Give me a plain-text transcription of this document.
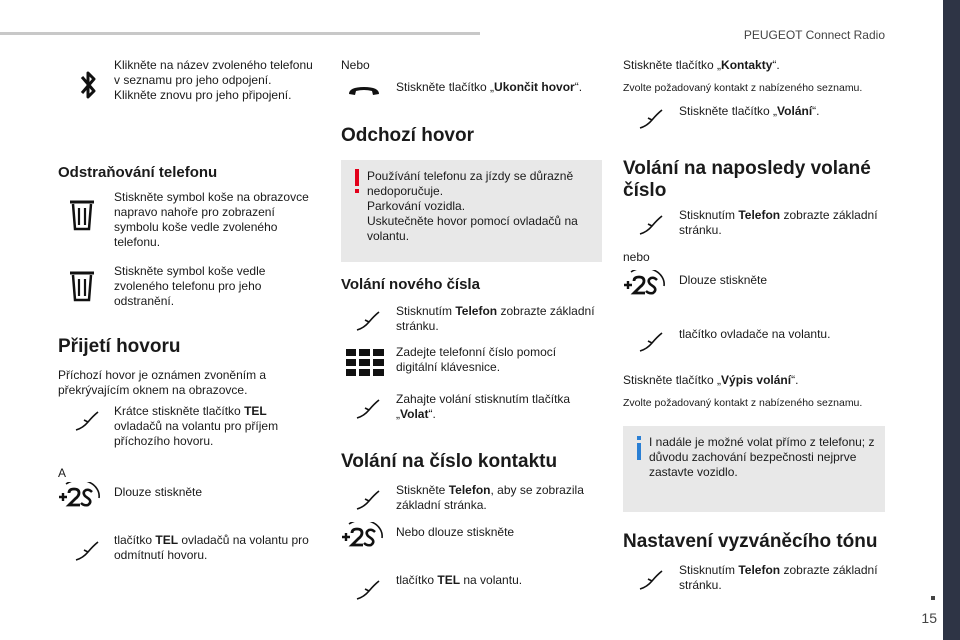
PEUGEOT Connect Radio
15
Klikněte na název zvoleného telefonu v seznamu pro jeho odpojení.
Klikněte znovu pro jeho připojení.
Odstraňování telefonu
Stiskněte symbol koše na obrazovce napravo nahoře pro zobrazení symbolu koše vedle zvoleného telefonu.
Stiskněte symbol koše vedle zvoleného telefonu pro jeho odstranění.
Přijetí hovoru
Příchozí hovor je oznámen zvoněním a překrývajícím oknem na obrazovce.
Krátce stiskněte tlačítko TEL ovladačů na volantu pro příjem příchozího hovoru.
A
Dlouze stiskněte
tlačítko TEL ovladačů na volantu pro odmítnutí hovoru.
Nebo
Stiskněte tlačítko „Ukončit hovor“.
Odchozí hovor
Používání telefonu za jízdy se důrazně nedoporučuje.
Parkování vozidla.
Uskutečněte hovor pomocí ovladačů na volantu.
Volání nového čísla
Stisknutím Telefon zobrazte základní stránku.
Zadejte telefonní číslo pomocí digitální klávesnice.
Zahajte volání stisknutím tlačítka „Volat“.
Volání na číslo kontaktu
Stiskněte Telefon, aby se zobrazila základní stránka.
Nebo dlouze stiskněte
tlačítko TEL na volantu.
Stiskněte tlačítko „Kontakty“.
Zvolte požadovaný kontakt z nabízeného seznamu.
Stiskněte tlačítko „Volání“.
Volání na naposledy volané číslo
Stisknutím Telefon zobrazte základní stránku.
nebo
Dlouze stiskněte
tlačítko ovladače na volantu.
Stiskněte tlačítko „Výpis volání“.
Zvolte požadovaný kontakt z nabízeného seznamu.
I nadále je možné volat přímo z telefonu; z důvodu zachování bezpečnosti nejprve zastavte vozidlo.
Nastavení vyzváněcího tónu
Stisknutím Telefon zobrazte základní stránku.
